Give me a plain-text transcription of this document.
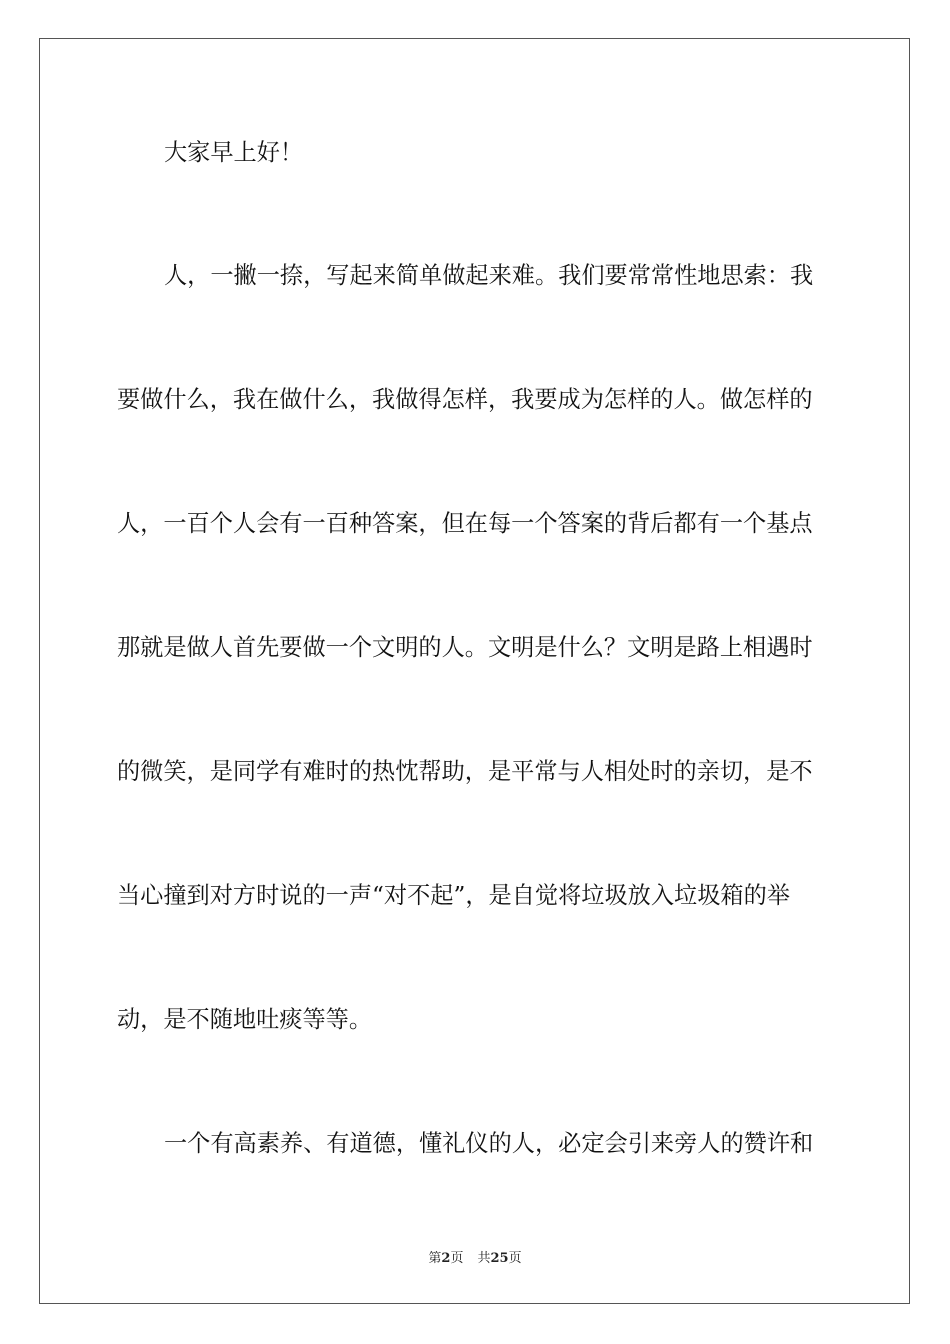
大家早上好！
人，一撇一捺，写起来简单做起来难。我们要常常性地思索：我
要做什么，我在做什么，我做得怎样，我要成为怎样的人。做怎样的
人，一百个人会有一百种答案，但在每一个答案的背后都有一个基点
那就是做人首先要做一个文明的人。文明是什么？文明是路上相遇时
的微笑，是同学有难时的热忱帮助，是平常与人相处时的亲切，是不
当心撞到对方时说的一声“对不起”，是自觉将垃圾放入垃圾箱的举
动，是不随地吐痰等等。
一个有高素养、有道德，懂礼仪的人，必定会引来旁人的赞许和
第2页 共25页
